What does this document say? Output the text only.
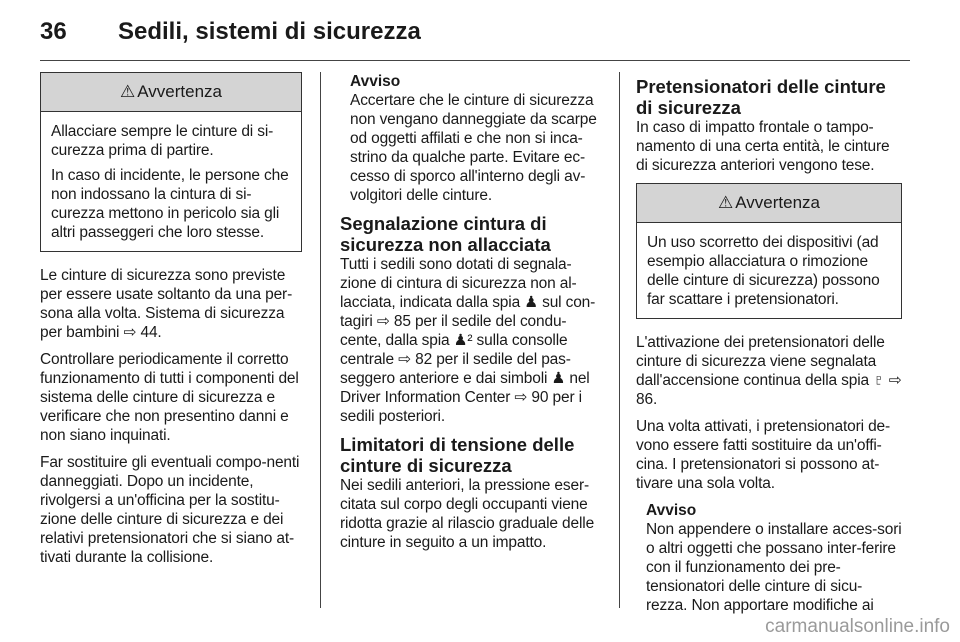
36 Sedili, sistemi di sicurezza
⚠ Avvertenza

Allacciare sempre le cinture di si-curezza prima di partire.

In caso di incidente, le persone che non indossano la cintura di si-curezza mettono in pericolo sia gli altri passeggeri che loro stesse.

Le cinture di sicurezza sono previste per essere usate soltanto da una per-sona alla volta. Sistema di sicurezza per bambini ⇨ 44.

Controllare periodicamente il corretto funzionamento di tutti i componenti del sistema delle cinture di sicurezza e verificare che non presentino danni e non siano inquinati.

Far sostituire gli eventuali compo-nenti danneggiati. Dopo un incidente, rivolgersi a un'officina per la sostitu-zione delle cinture di sicurezza e dei relativi pretensionatori che si siano at-tivati durante la collisione.

Avviso

Accertare che le cinture di sicurezza non vengano danneggiate da scarpe od oggetti affilati e che non si inca-strino da qualche parte. Evitare ec-cesso di sporco all'interno degli av-volgitori delle cinture.

Segnalazione cintura di sicurezza non allacciata

Tutti i sedili sono dotati di segnala-zione di cintura di sicurezza non al-lacciata, indicata dalla spia ♟ sul con-tagiri ⇨ 85 per il sedile del condu-cente, dalla spia ♟² sulla consolle centrale ⇨ 82 per il sedile del pas-seggero anteriore e dai simboli ♟ nel Driver Information Center ⇨ 90 per i sedili posteriori.

Limitatori di tensione delle cinture di sicurezza

Nei sedili anteriori, la pressione eser-citata sul corpo degli occupanti viene ridotta grazie al rilascio graduale delle cinture in seguito a un impatto.

Pretensionatori delle cinture di sicurezza

In caso di impatto frontale o tampo-namento di una certa entità, le cinture di sicurezza anteriori vengono tese.

⚠ Avvertenza

Un uso scorretto dei dispositivi (ad esempio allacciatura o rimozione delle cinture di sicurezza) possono far scattare i pretensionatori.

L'attivazione dei pretensionatori delle cinture di sicurezza viene segnalata dall'accensione continua della spia ♇ ⇨ 86.

Una volta attivati, i pretensionatori de-vono essere fatti sostituire da un'offi-cina. I pretensionatori si possono at-tivare una sola volta.

Avviso

Non appendere o installare acces-sori o altri oggetti che possano inter-ferire con il funzionamento dei pre-tensionatori delle cinture di sicu-rezza. Non apportare modifiche ai

carmanualsonline.info
